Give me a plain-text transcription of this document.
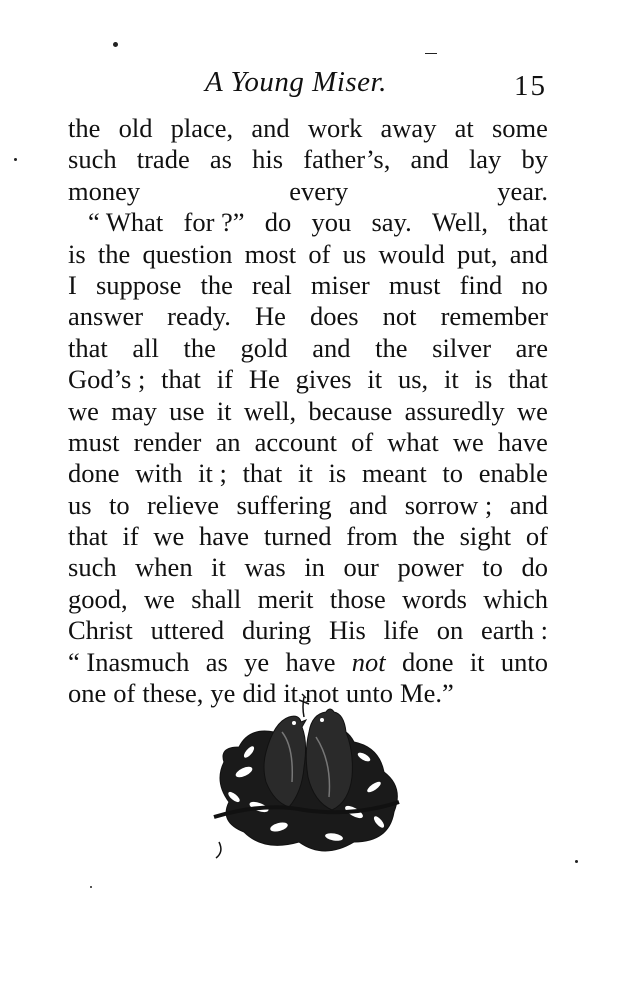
A Young Miser.	15
the old place, and work away at some
such trade as his father’s, and lay by
money	every	year.
“ What for ?” do you say. Well, that
is the question most of us would put, and
I suppose the real miser must find no
answer ready. He does not remember
that all the gold and the silver are
God’s ; that if He gives it us, it is that
we may use it well, because assuredly we
must render an account of what we have
done with it ; that it is meant to enable
us to relieve suffering and sorrow ; and
that if we have turned from the sight of
such when it was in our power to do
good, we shall merit those words which
Christ uttered during His life on earth :
“ Inasmuch as ye have not done it unto
one of these, ye did it not unto Me.”
